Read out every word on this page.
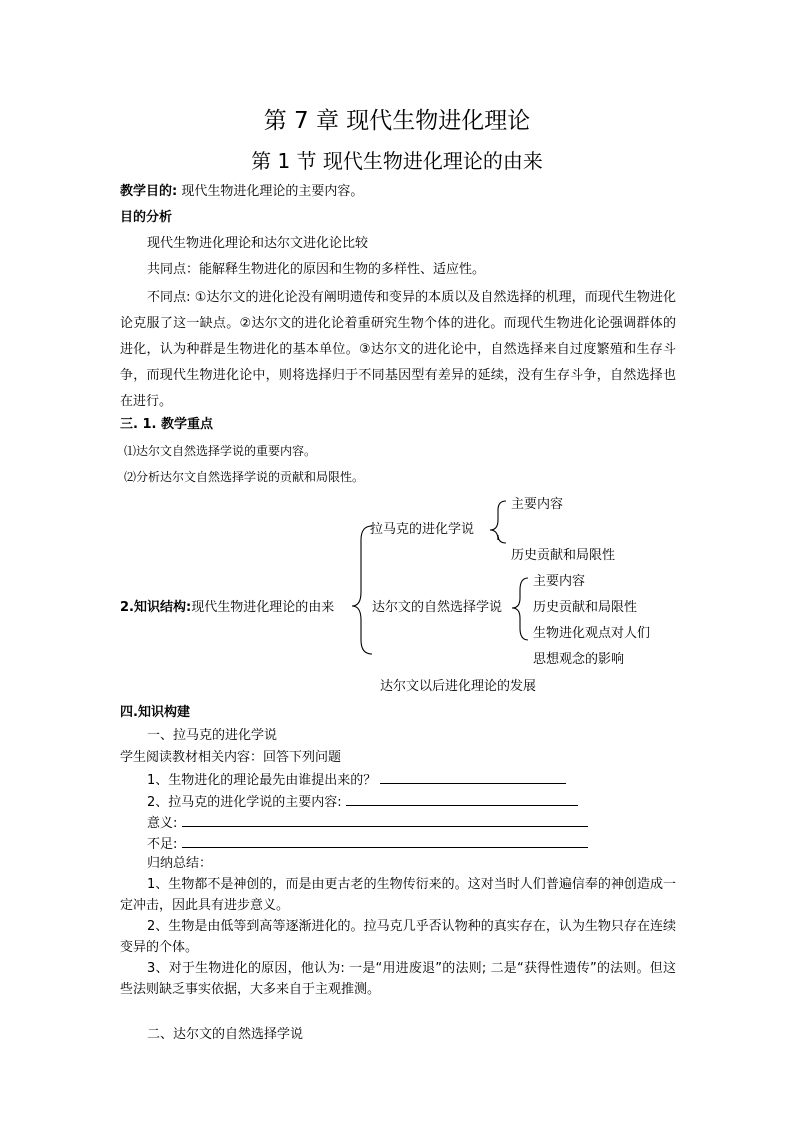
第 7 章 现代生物进化理论
第 1 节 现代生物进化理论的由来
教学目的: 现代生物进化理论的主要内容。
目的分析
现代生物进化理论和达尔文进化论比较
共同点：能解释生物进化的原因和生物的多样性、适应性。
不同点: ①达尔文的进化论没有阐明遗传和变异的本质以及自然选择的机理，而现代生物进化论克服了这一缺点。②达尔文的进化论着重研究生物个体的进化。而现代生物进化论强调群体的进化，认为种群是生物进化的基本单位。③达尔文的进化论中，自然选择来自过度繁殖和生存斗争，而现代生物进化论中，则将选择归于不同基因型有差异的延续，没有生存斗争，自然选择也在进行。
三. 1. 教学重点
⑴达尔文自然选择学说的重要内容。
⑵分析达尔文自然选择学说的贡献和局限性。
2.知识结构:现代生物进化理论的由来
拉马克的进化学说
主要内容
历史贡献和局限性
达尔文的自然选择学说
主要内容
历史贡献和局限性
生物进化观点对人们
思想观念的影响
达尔文以后进化理论的发展
四.知识构建
一、拉马克的进化学说
学生阅读教材相关内容：回答下列问题
1、生物进化的理论最先由谁提出来的？
2、拉马克的进化学说的主要内容:
意义:
不足:
归纳总结：
1、生物都不是神创的，而是由更古老的生物传衍来的。这对当时人们普遍信奉的神创造成一定冲击，因此具有进步意义。
2、生物是由低等到高等逐渐进化的。拉马克几乎否认物种的真实存在，认为生物只存在连续变异的个体。
3、对于生物进化的原因，他认为: 一是“用进废退”的法则; 二是“获得性遗传”的法则。但这些法则缺乏事实依据，大多来自于主观推测。
二、达尔文的自然选择学说
